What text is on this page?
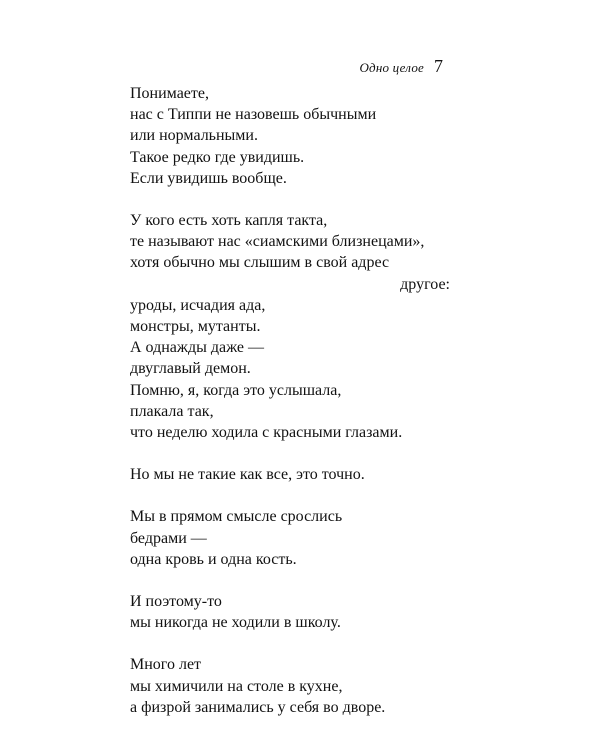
Одно целое 7
Понимаете,
нас с Типпи не назовешь обычными
или нормальными.
Такое редко где увидишь.
Если увидишь вообще.
У кого есть хоть капля такта,
те называют нас «сиамскими близнецами»,
хотя обычно мы слышим в свой адрес
другое:
уроды, исчадия ада,
монстры, мутанты.
А однажды даже —
двуглавый демон.
Помню, я, когда это услышала,
плакала так,
что неделю ходила с красными глазами.
Но мы не такие как все, это точно.
Мы в прямом смысле срослись
бедрами —
одна кровь и одна кость.
И поэтому-то
мы никогда не ходили в школу.
Много лет
мы химичили на столе в кухне,
а физрой занимались у себя во дворе.
